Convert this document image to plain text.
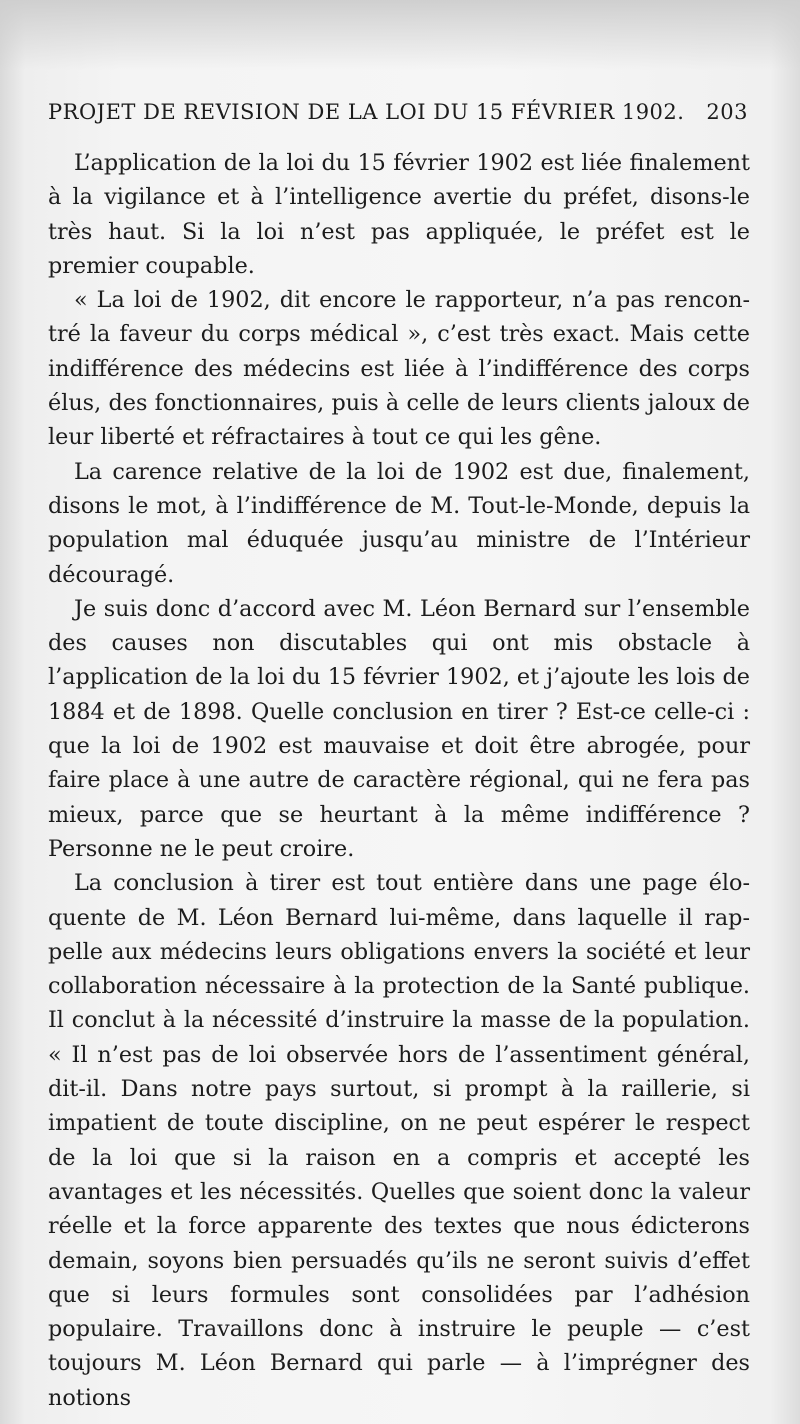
PROJET DE REVISION DE LA LOI DU 15 FÉVRIER 1902. 203

L’application de la loi du 15 février 1902 est liée finalement à la vigilance et à l’intelligence avertie du préfet, disons-le très haut. Si la loi n’est pas appliquée, le préfet est le premier coupable.

« La loi de 1902, dit encore le rapporteur, n’a pas rencontré la faveur du corps médical », c’est très exact. Mais cette indifférence des médecins est liée à l’indifférence des corps élus, des fonctionnaires, puis à celle de leurs clients jaloux de leur liberté et réfractaires à tout ce qui les gêne.

La carence relative de la loi de 1902 est due, finalement, disons le mot, à l’indifférence de M. Tout-le-Monde, depuis la population mal éduquée jusqu’au ministre de l’Intérieur découragé.

Je suis donc d’accord avec M. Léon Bernard sur l’ensemble des causes non discutables qui ont mis obstacle à l’application de la loi du 15 février 1902, et j’ajoute les lois de 1884 et de 1898. Quelle conclusion en tirer ? Est-ce celle-ci : que la loi de 1902 est mauvaise et doit être abrogée, pour faire place à une autre de caractère régional, qui ne fera pas mieux, parce que se heurtant à la même indifférence ? Personne ne le peut croire.

La conclusion à tirer est tout entière dans une page éloquente de M. Léon Bernard lui-même, dans laquelle il rappelle aux médecins leurs obligations envers la société et leur collaboration nécessaire à la protection de la Santé publique. Il conclut à la nécessité d’instruire la masse de la population. « Il n’est pas de loi observée hors de l’assentiment général, dit-il. Dans notre pays surtout, si prompt à la raillerie, si impatient de toute discipline, on ne peut espérer le respect de la loi que si la raison en a compris et accepté les avantages et les nécessités. Quelles que soient donc la valeur réelle et la force apparente des textes que nous édicterons demain, soyons bien persuadés qu’ils ne seront suivis d’effet que si leurs formules sont consolidées par l’adhésion populaire. Travaillons donc à instruire le peuple — c’est toujours M. Léon Bernard qui parle — à l’imprégner des notions
